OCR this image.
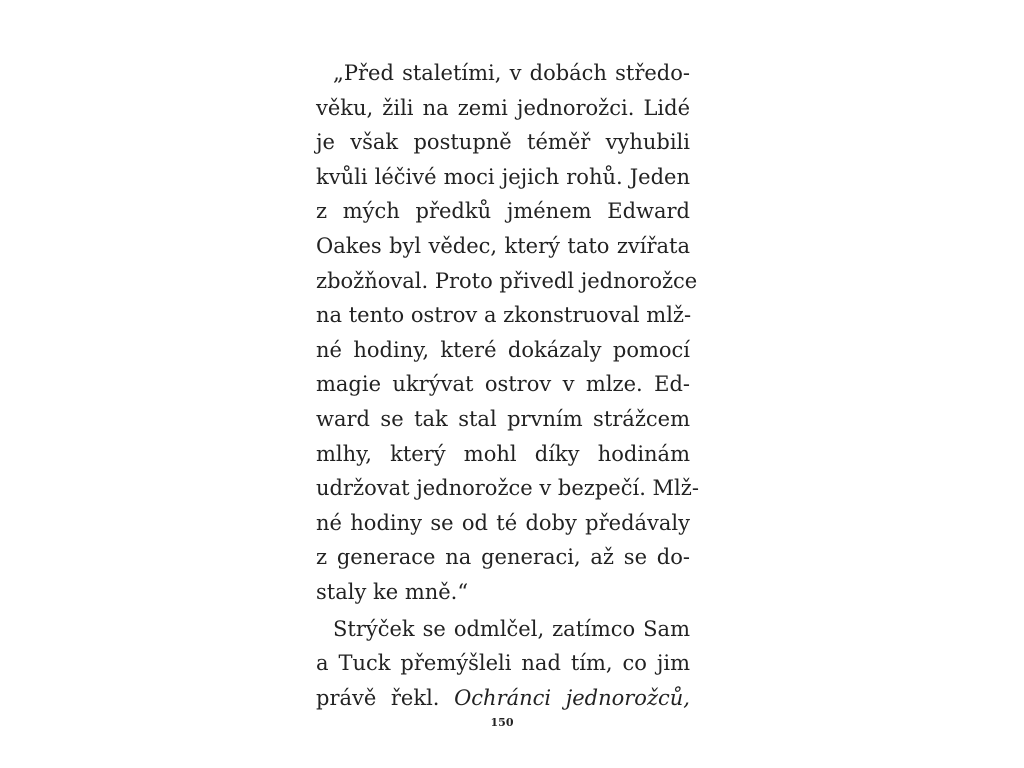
„Před staletími, v dobách středo-
věku, žili na zemi jednorožci. Lidé
je však postupně téměř vyhubili
kvůli léčivé moci jejich rohů. Jeden
z mých předků jménem Edward
Oakes byl vědec, který tato zvířata
zbožňoval. Proto přivedl jednorožce
na tento ostrov a zkonstruoval mlž-
né hodiny, které dokázaly pomocí
magie ukrývat ostrov v mlze. Ed-
ward se tak stal prvním strážcem
mlhy, který mohl díky hodinám
udržovat jednorožce v bezpečí. Mlž-
né hodiny se od té doby předávaly
z generace na generaci, až se do-
staly ke mně.“
Strýček se odmlčel, zatímco Sam
a Tuck přemýšleli nad tím, co jim
právě řekl. Ochránci jednorožců,
150
